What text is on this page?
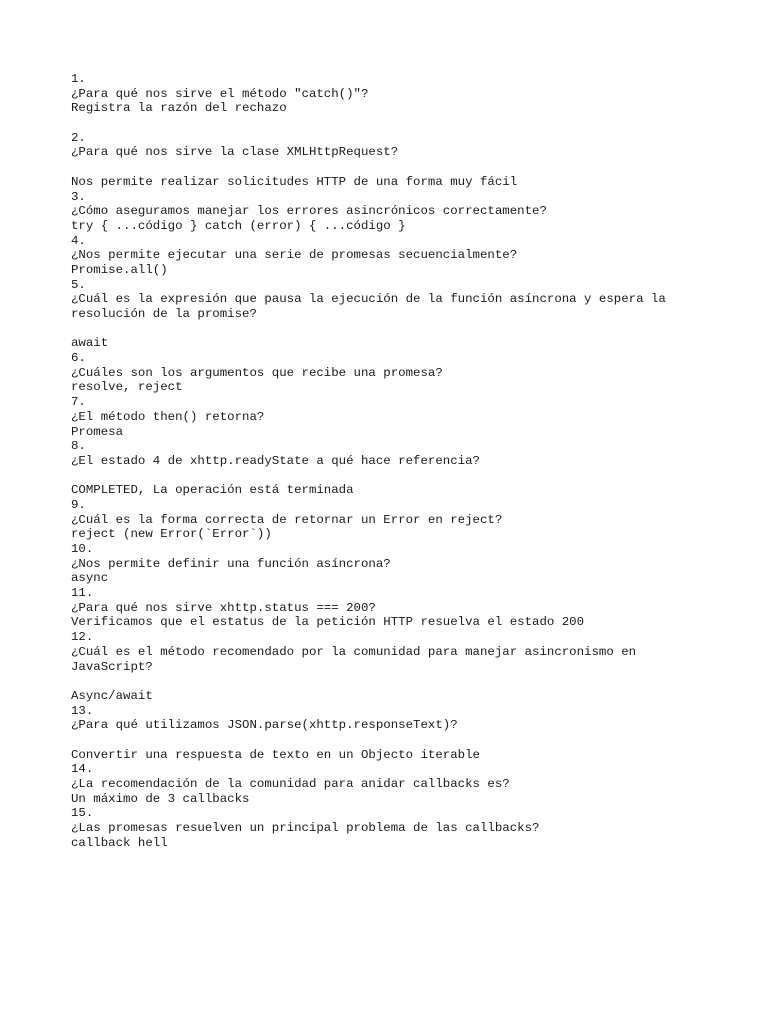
1.
¿Para qué nos sirve el método "catch()"?
Registra la razón del rechazo
2.
¿Para qué nos sirve la clase XMLHttpRequest?
Nos permite realizar solicitudes HTTP de una forma muy fácil
3.
¿Cómo aseguramos manejar los errores asincrónicos correctamente?
try { ...código } catch (error) { ...código }
4.
¿Nos permite ejecutar una serie de promesas secuencialmente?
Promise.all()
5.
¿Cuál es la expresión que pausa la ejecución de la función asíncrona y espera la
resolución de la promise?
await
6.
¿Cuáles son los argumentos que recibe una promesa?
resolve, reject
7.
¿El método then() retorna?
Promesa
8.
¿El estado 4 de xhttp.readyState a qué hace referencia?
COMPLETED, La operación está terminada
9.
¿Cuál es la forma correcta de retornar un Error en reject?
reject (new Error(`Error`))
10.
¿Nos permite definir una función asíncrona?
async
11.
¿Para qué nos sirve xhttp.status === 200?
Verificamos que el estatus de la petición HTTP resuelva el estado 200
12.
¿Cuál es el método recomendado por la comunidad para manejar asincronismo en
JavaScript?
Async/await
13.
¿Para qué utilizamos JSON.parse(xhttp.responseText)?
Convertir una respuesta de texto en un Objecto iterable
14.
¿La recomendación de la comunidad para anidar callbacks es?
Un máximo de 3 callbacks
15.
¿Las promesas resuelven un principal problema de las callbacks?
callback hell
